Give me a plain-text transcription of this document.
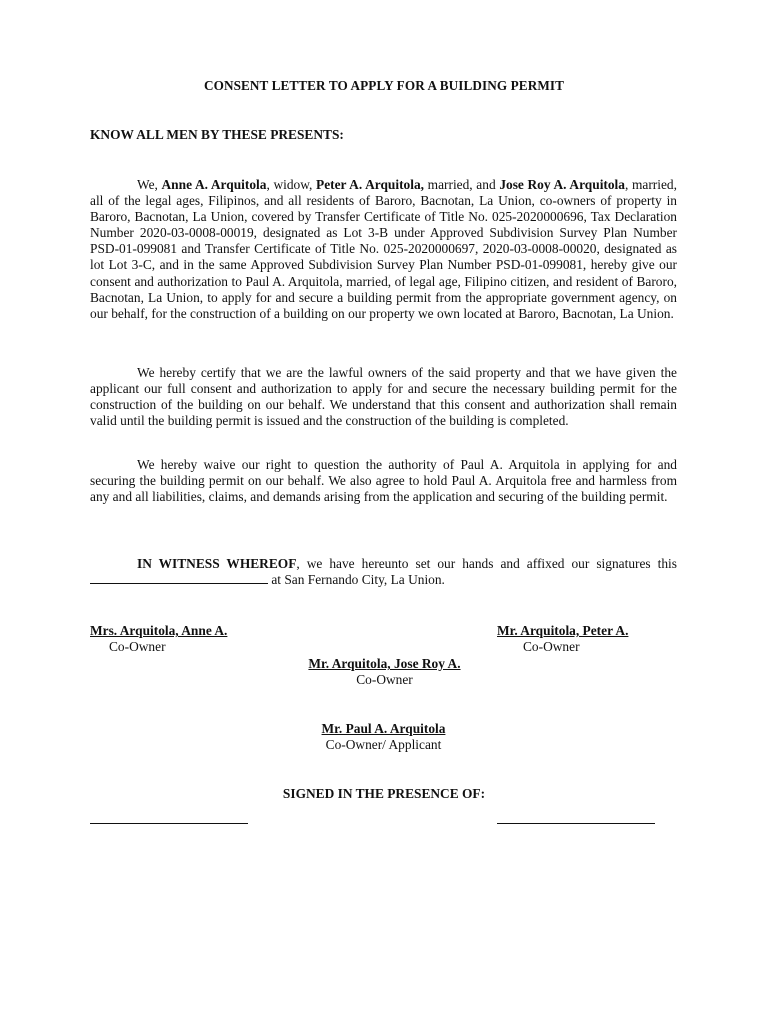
CONSENT LETTER TO APPLY FOR A BUILDING PERMIT
KNOW ALL MEN BY THESE PRESENTS:

We, Anne A. Arquitola, widow, Peter A. Arquitola, married, and Jose Roy A. Arquitola, married, all of the legal ages, Filipinos, and all residents of Baroro, Bacnotan, La Union, co-owners of property in Baroro, Bacnotan, La Union, covered by Transfer Certificate of Title No. 025-2020000696, Tax Declaration Number 2020-03-0008-00019, designated as Lot 3-B under Approved Subdivision Survey Plan Number PSD-01-099081 and Transfer Certificate of Title No. 025-2020000697, 2020-03-0008-00020, designated as lot Lot 3-C, and in the same Approved Subdivision Survey Plan Number PSD-01-099081, hereby give our consent and authorization to Paul A. Arquitola, married, of legal age, Filipino citizen, and resident of Baroro, Bacnotan, La Union, to apply for and secure a building permit from the appropriate government agency, on our behalf, for the construction of a building on our property we own located at Baroro, Bacnotan, La Union.

We hereby certify that we are the lawful owners of the said property and that we have given the applicant our full consent and authorization to apply for and secure the necessary building permit for the construction of the building on our behalf. We understand that this consent and authorization shall remain valid until the building permit is issued and the construction of the building is completed.

We hereby waive our right to question the authority of Paul A. Arquitola in applying for and securing the building permit on our behalf. We also agree to hold Paul A. Arquitola free and harmless from any and all liabilities, claims, and demands arising from the application and securing of the building permit.

IN WITNESS WHEREOF, we have hereunto set our hands and affixed our signatures this  at San Fernando City, La Union.

Mrs. Arquitola, Anne A.
Co-Owner
Mr. Arquitola, Peter A.
Co-Owner
Mr. Arquitola, Jose Roy A.
Co-Owner
Mr. Paul A. Arquitola
Co-Owner/ Applicant
SIGNED IN THE PRESENCE OF:
